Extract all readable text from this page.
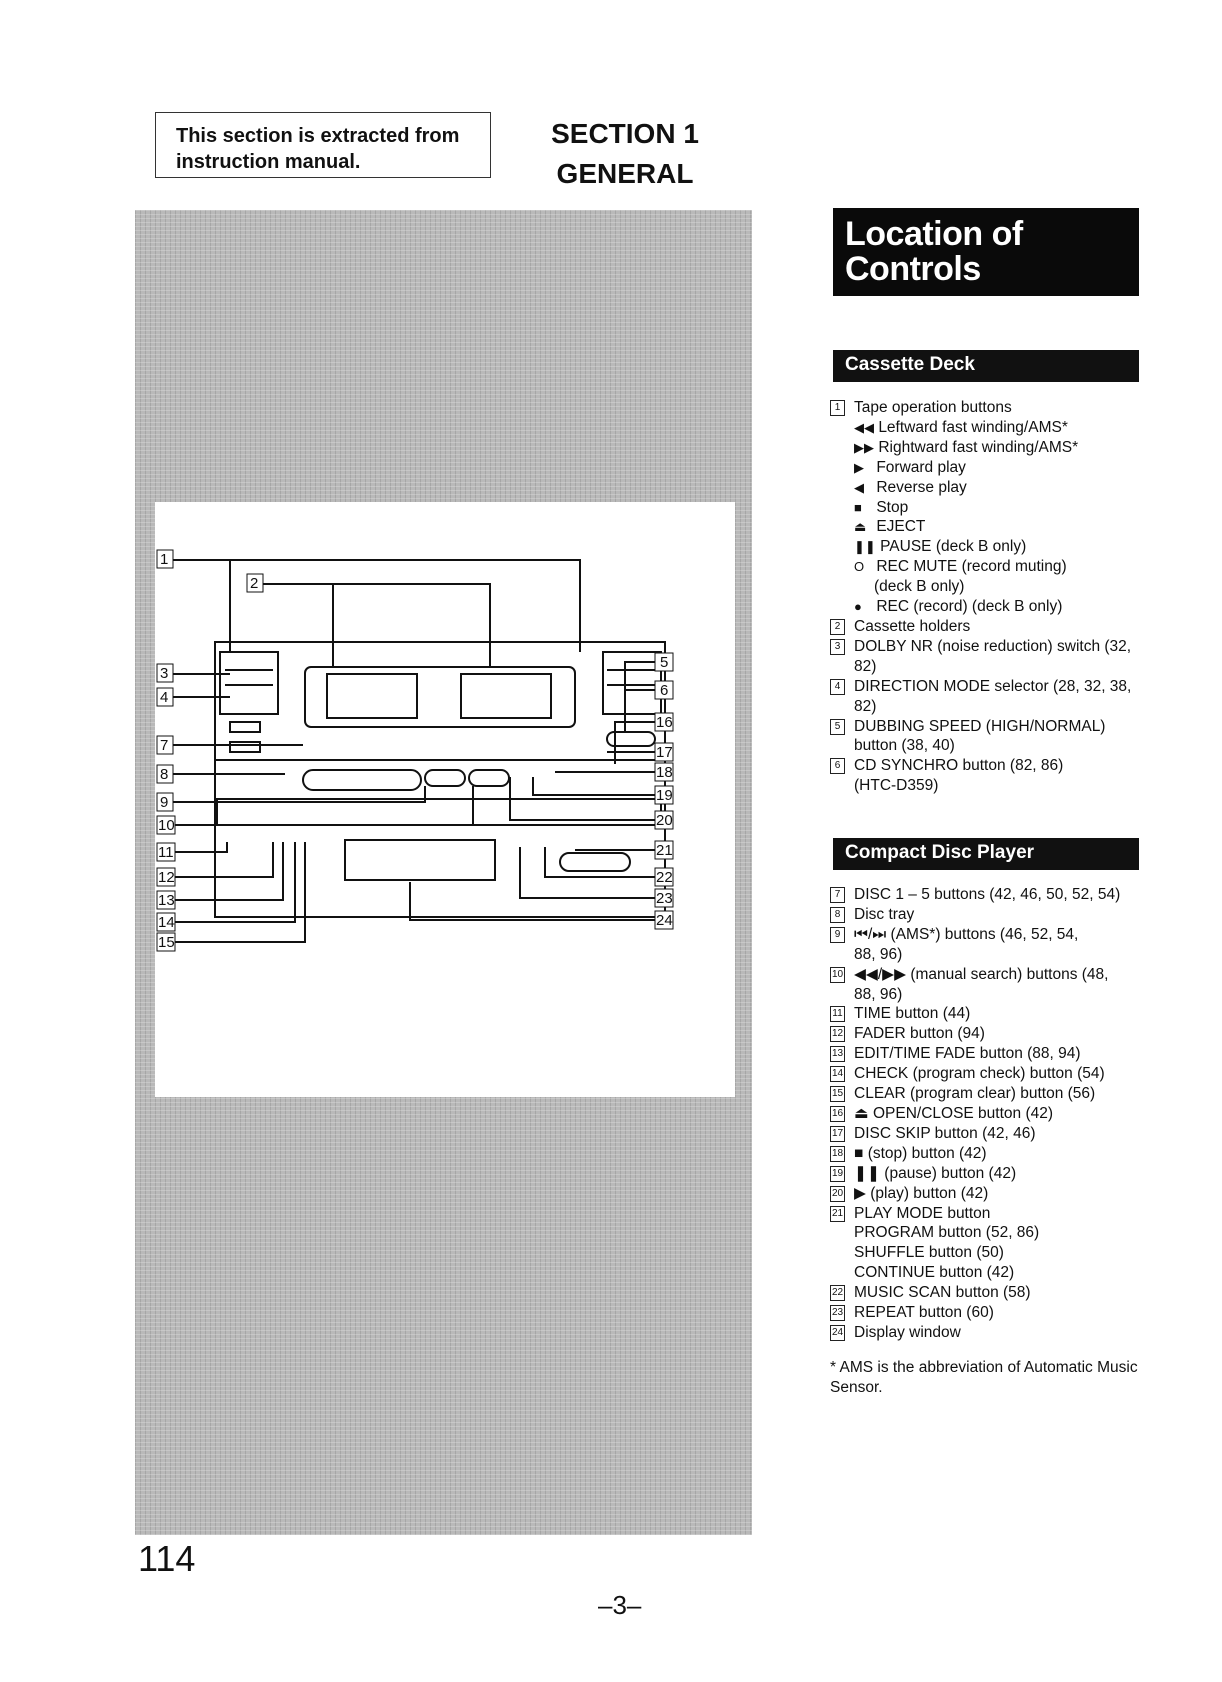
This section is extracted from instruction manual.
SECTION 1
GENERAL
1
2
3
4
7
8
9
10
11
12
13
14
15
5
6
16
17
18
19
20
21
22
23
24
Location of
Controls
Cassette Deck
1 Tape operation buttons
◀◀ Leftward fast winding/AMS*
▶▶ Rightward fast winding/AMS*
▶ Forward play
◀ Reverse play
■ Stop
⏏ EJECT
❚❚ PAUSE (deck B only)
O REC MUTE (record muting)
(deck B only)
● REC (record) (deck B only)
2 Cassette holders
3 DOLBY NR (noise reduction) switch (32,
82)
4 DIRECTION MODE selector (28, 32, 38,
82)
5 DUBBING SPEED (HIGH/NORMAL)
button (38, 40)
6 CD SYNCHRO button (82, 86)
(HTC-D359)
Compact Disc Player
7 DISC 1 – 5 buttons (42, 46, 50, 52, 54)
8 Disc tray
9 ⏮/⏭ (AMS*) buttons (46, 52, 54,
88, 96)
10 ◀◀/▶▶ (manual search) buttons (48,
88, 96)
11 TIME button (44)
12 FADER button (94)
13 EDIT/TIME FADE button (88, 94)
14 CHECK (program check) button (54)
15 CLEAR (program clear) button (56)
16 ⏏ OPEN/CLOSE button (42)
17 DISC SKIP button (42, 46)
18 ■ (stop) button (42)
19 ❚❚ (pause) button (42)
20 ▶ (play) button (42)
21 PLAY MODE button
PROGRAM button (52, 86)
SHUFFLE button (50)
CONTINUE button (42)
22 MUSIC SCAN button (58)
23 REPEAT button (60)
24 Display window
* AMS is the abbreviation of Automatic Music Sensor.
114
–3–
